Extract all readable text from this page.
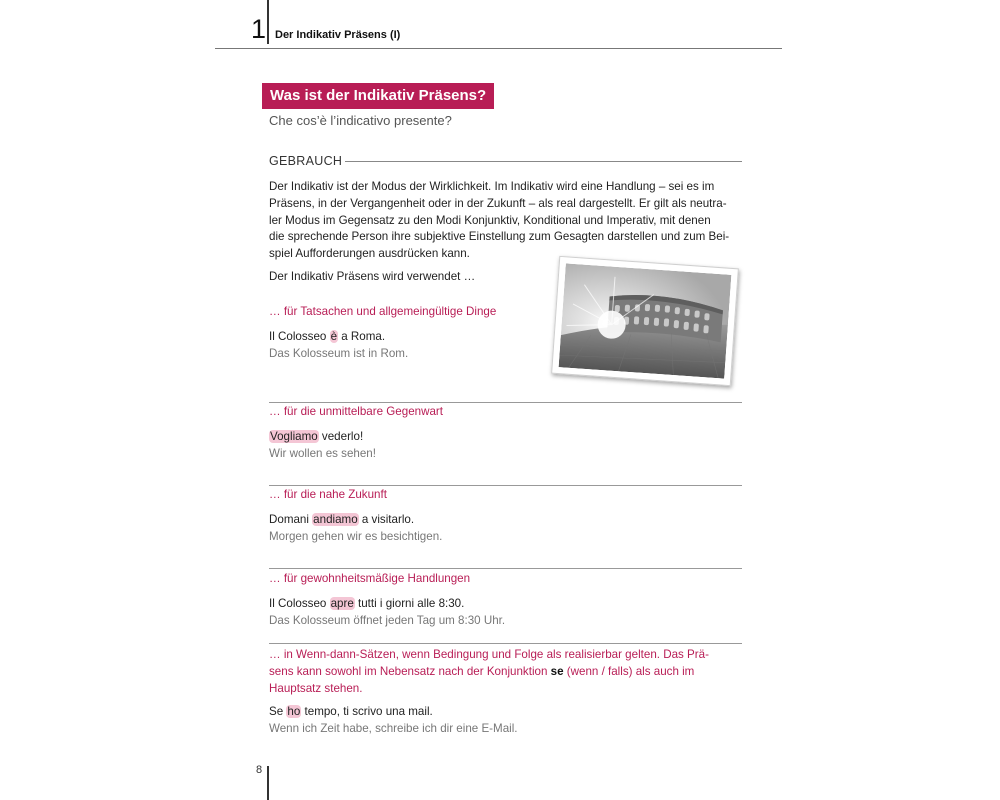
1 Der Indikativ Präsens (I)
Was ist der Indikativ Präsens?
Che cos’è l’indicativo presente?
GEBRAUCH
Der Indikativ ist der Modus der Wirklichkeit. Im Indikativ wird eine Handlung – sei es im
Präsens, in der Vergangenheit oder in der Zukunft – als real dargestellt. Er gilt als neutra-
ler Modus im Gegensatz zu den Modi Konjunktiv, Konditional und Imperativ, mit denen
die sprechende Person ihre subjektive Einstellung zum Gesagten darstellen und zum Bei-
spiel Aufforderungen ausdrücken kann.
Der Indikativ Präsens wird verwendet …
… für Tatsachen und allgemeingültige Dinge
Il Colosseo è a Roma.
Das Kolosseum ist in Rom.
… für die unmittelbare Gegenwart
Vogliamo vederlo!
Wir wollen es sehen!
… für die nahe Zukunft
Domani andiamo a visitarlo.
Morgen gehen wir es besichtigen.
… für gewohnheitsmäßige Handlungen
Il Colosseo apre tutti i giorni alle 8:30.
Das Kolosseum öffnet jeden Tag um 8:30 Uhr.
… in Wenn-dann-Sätzen, wenn Bedingung und Folge als realisierbar gelten. Das Prä-
sens kann sowohl im Nebensatz nach der Konjunktion se (wenn / falls) als auch im
Hauptsatz stehen.
Se ho tempo, ti scrivo una mail.
Wenn ich Zeit habe, schreibe ich dir eine E-Mail.
8
